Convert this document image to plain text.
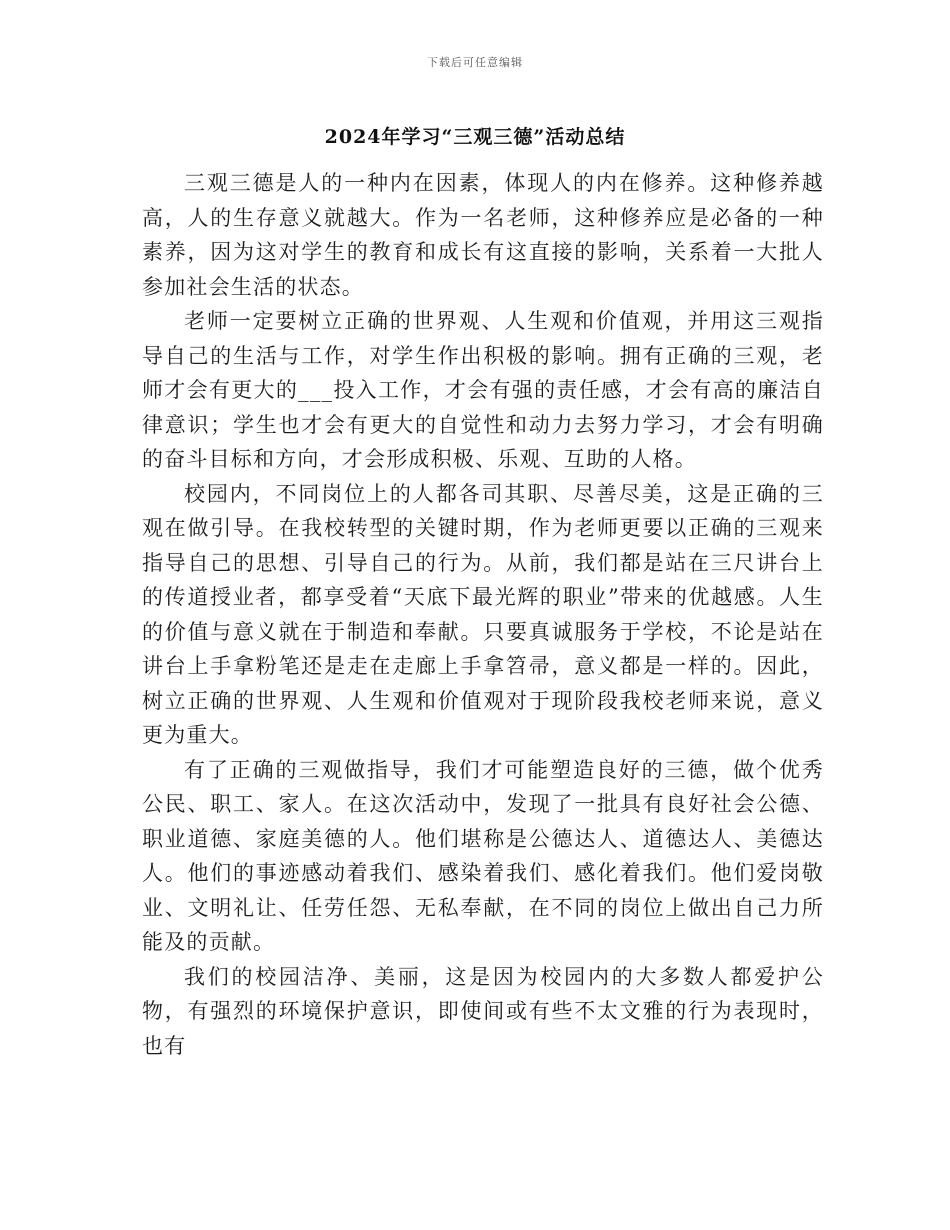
下载后可任意编辑
2024年学习“三观三德”活动总结

三观三德是人的一种内在因素，体现人的内在修养。这种修养越高，人的生存意义就越大。作为一名老师，这种修养应是必备的一种素养，因为这对学生的教育和成长有这直接的影响，关系着一大批人参加社会生活的状态。

老师一定要树立正确的世界观、人生观和价值观，并用这三观指导自己的生活与工作，对学生作出积极的影响。拥有正确的三观，老师才会有更大的___投入工作，才会有强的责任感，才会有高的廉洁自律意识；学生也才会有更大的自觉性和动力去努力学习，才会有明确的奋斗目标和方向，才会形成积极、乐观、互助的人格。

校园内，不同岗位上的人都各司其职、尽善尽美，这是正确的三观在做引导。在我校转型的关键时期，作为老师更要以正确的三观来指导自己的思想、引导自己的行为。从前，我们都是站在三尺讲台上的传道授业者，都享受着“天底下最光辉的职业”带来的优越感。人生的价值与意义就在于制造和奉献。只要真诚服务于学校，不论是站在讲台上手拿粉笔还是走在走廊上手拿笤帚，意义都是一样的。因此，树立正确的世界观、人生观和价值观对于现阶段我校老师来说，意义更为重大。

有了正确的三观做指导，我们才可能塑造良好的三德，做个优秀公民、职工、家人。在这次活动中，发现了一批具有良好社会公德、职业道德、家庭美德的人。他们堪称是公德达人、道德达人、美德达人。他们的事迹感动着我们、感染着我们、感化着我们。他们爱岗敬业、文明礼让、任劳任怨、无私奉献，在不同的岗位上做出自己力所能及的贡献。

我们的校园洁净、美丽，这是因为校园内的大多数人都爱护公物，有强烈的环境保护意识，即使间或有些不太文雅的行为表现时，也有
